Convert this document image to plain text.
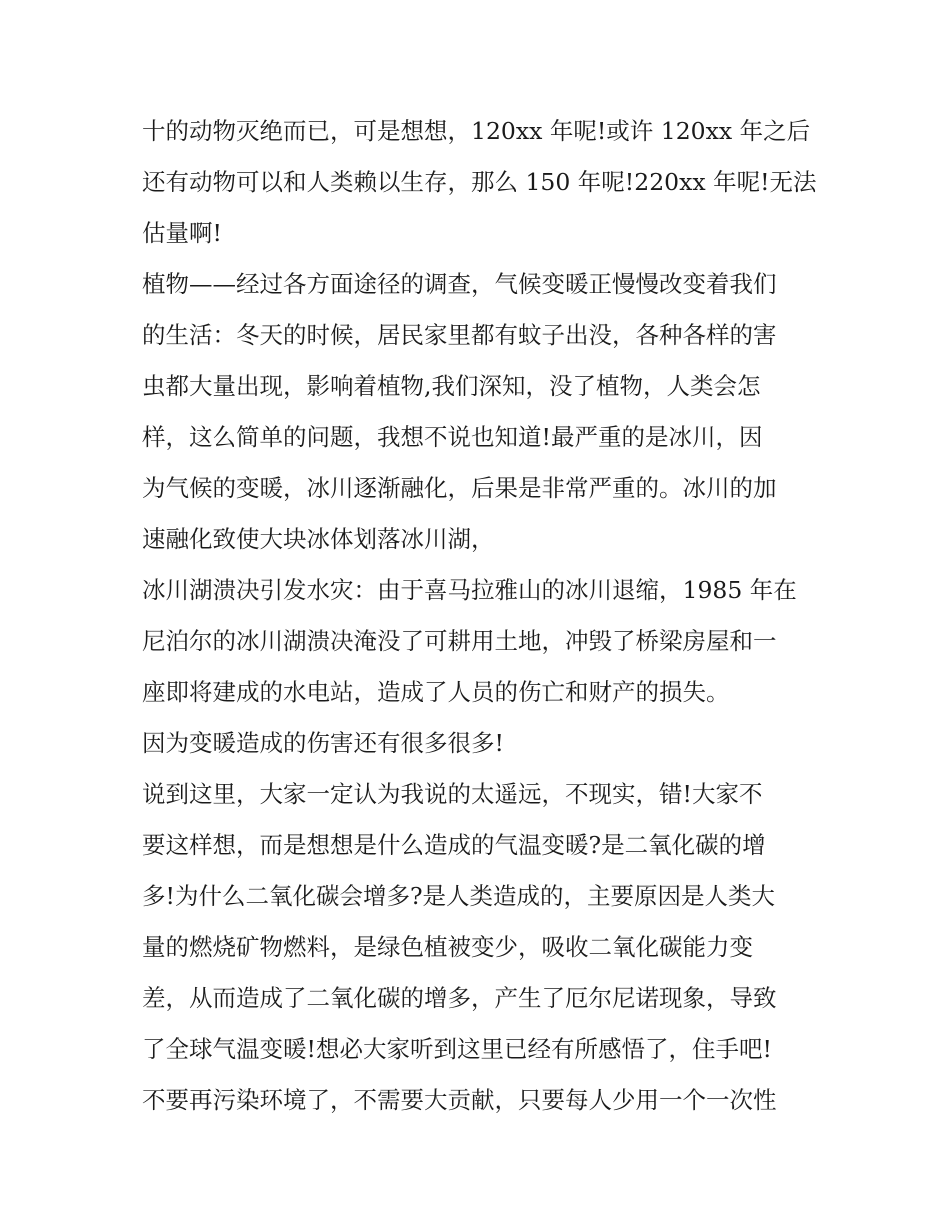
十的动物灭绝而已，可是想想，120xx 年呢!或许 120xx 年之后
还有动物可以和人类赖以生存，那么 150 年呢!220xx 年呢!无法
估量啊!
植物——经过各方面途径的调查，气候变暖正慢慢改变着我们
的生活：冬天的时候，居民家里都有蚊子出没，各种各样的害
虫都大量出现，影响着植物,我们深知，没了植物，人类会怎
样，这么简单的问题，我想不说也知道!最严重的是冰川，因
为气候的变暖，冰川逐渐融化，后果是非常严重的。冰川的加
速融化致使大块冰体划落冰川湖，
冰川湖溃决引发水灾：由于喜马拉雅山的冰川退缩，1985 年在
尼泊尔的冰川湖溃决淹没了可耕用土地，冲毁了桥梁房屋和一
座即将建成的水电站，造成了人员的伤亡和财产的损失。
因为变暖造成的伤害还有很多很多!
说到这里，大家一定认为我说的太遥远，不现实，错!大家不
要这样想，而是想想是什么造成的气温变暖?是二氧化碳的增
多!为什么二氧化碳会增多?是人类造成的，主要原因是人类大
量的燃烧矿物燃料，是绿色植被变少，吸收二氧化碳能力变
差，从而造成了二氧化碳的增多，产生了厄尔尼诺现象，导致
了全球气温变暖!想必大家听到这里已经有所感悟了，住手吧!
不要再污染环境了，不需要大贡献，只要每人少用一个一次性
